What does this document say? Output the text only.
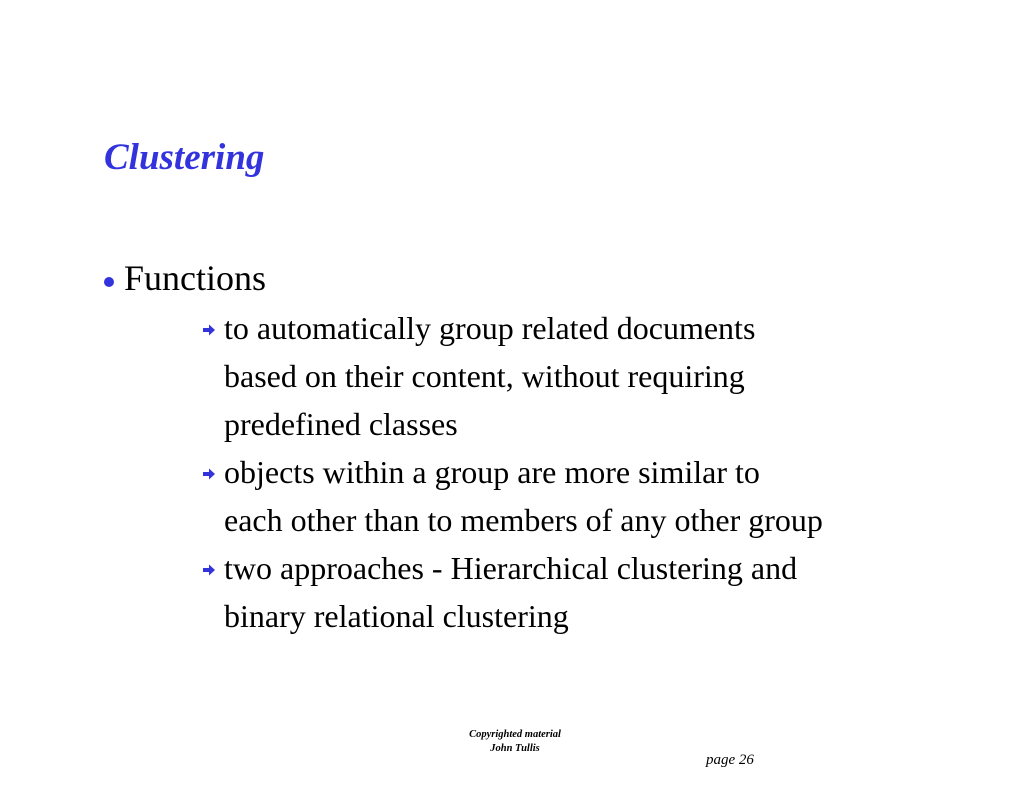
Clustering
Functions
to automatically group related documents
based on their content, without requiring
predefined classes
objects within a group are more similar to
each other than to members of any other group
two approaches - Hierarchical clustering and
binary relational clustering
Copyrighted material
John Tullis
page 26
